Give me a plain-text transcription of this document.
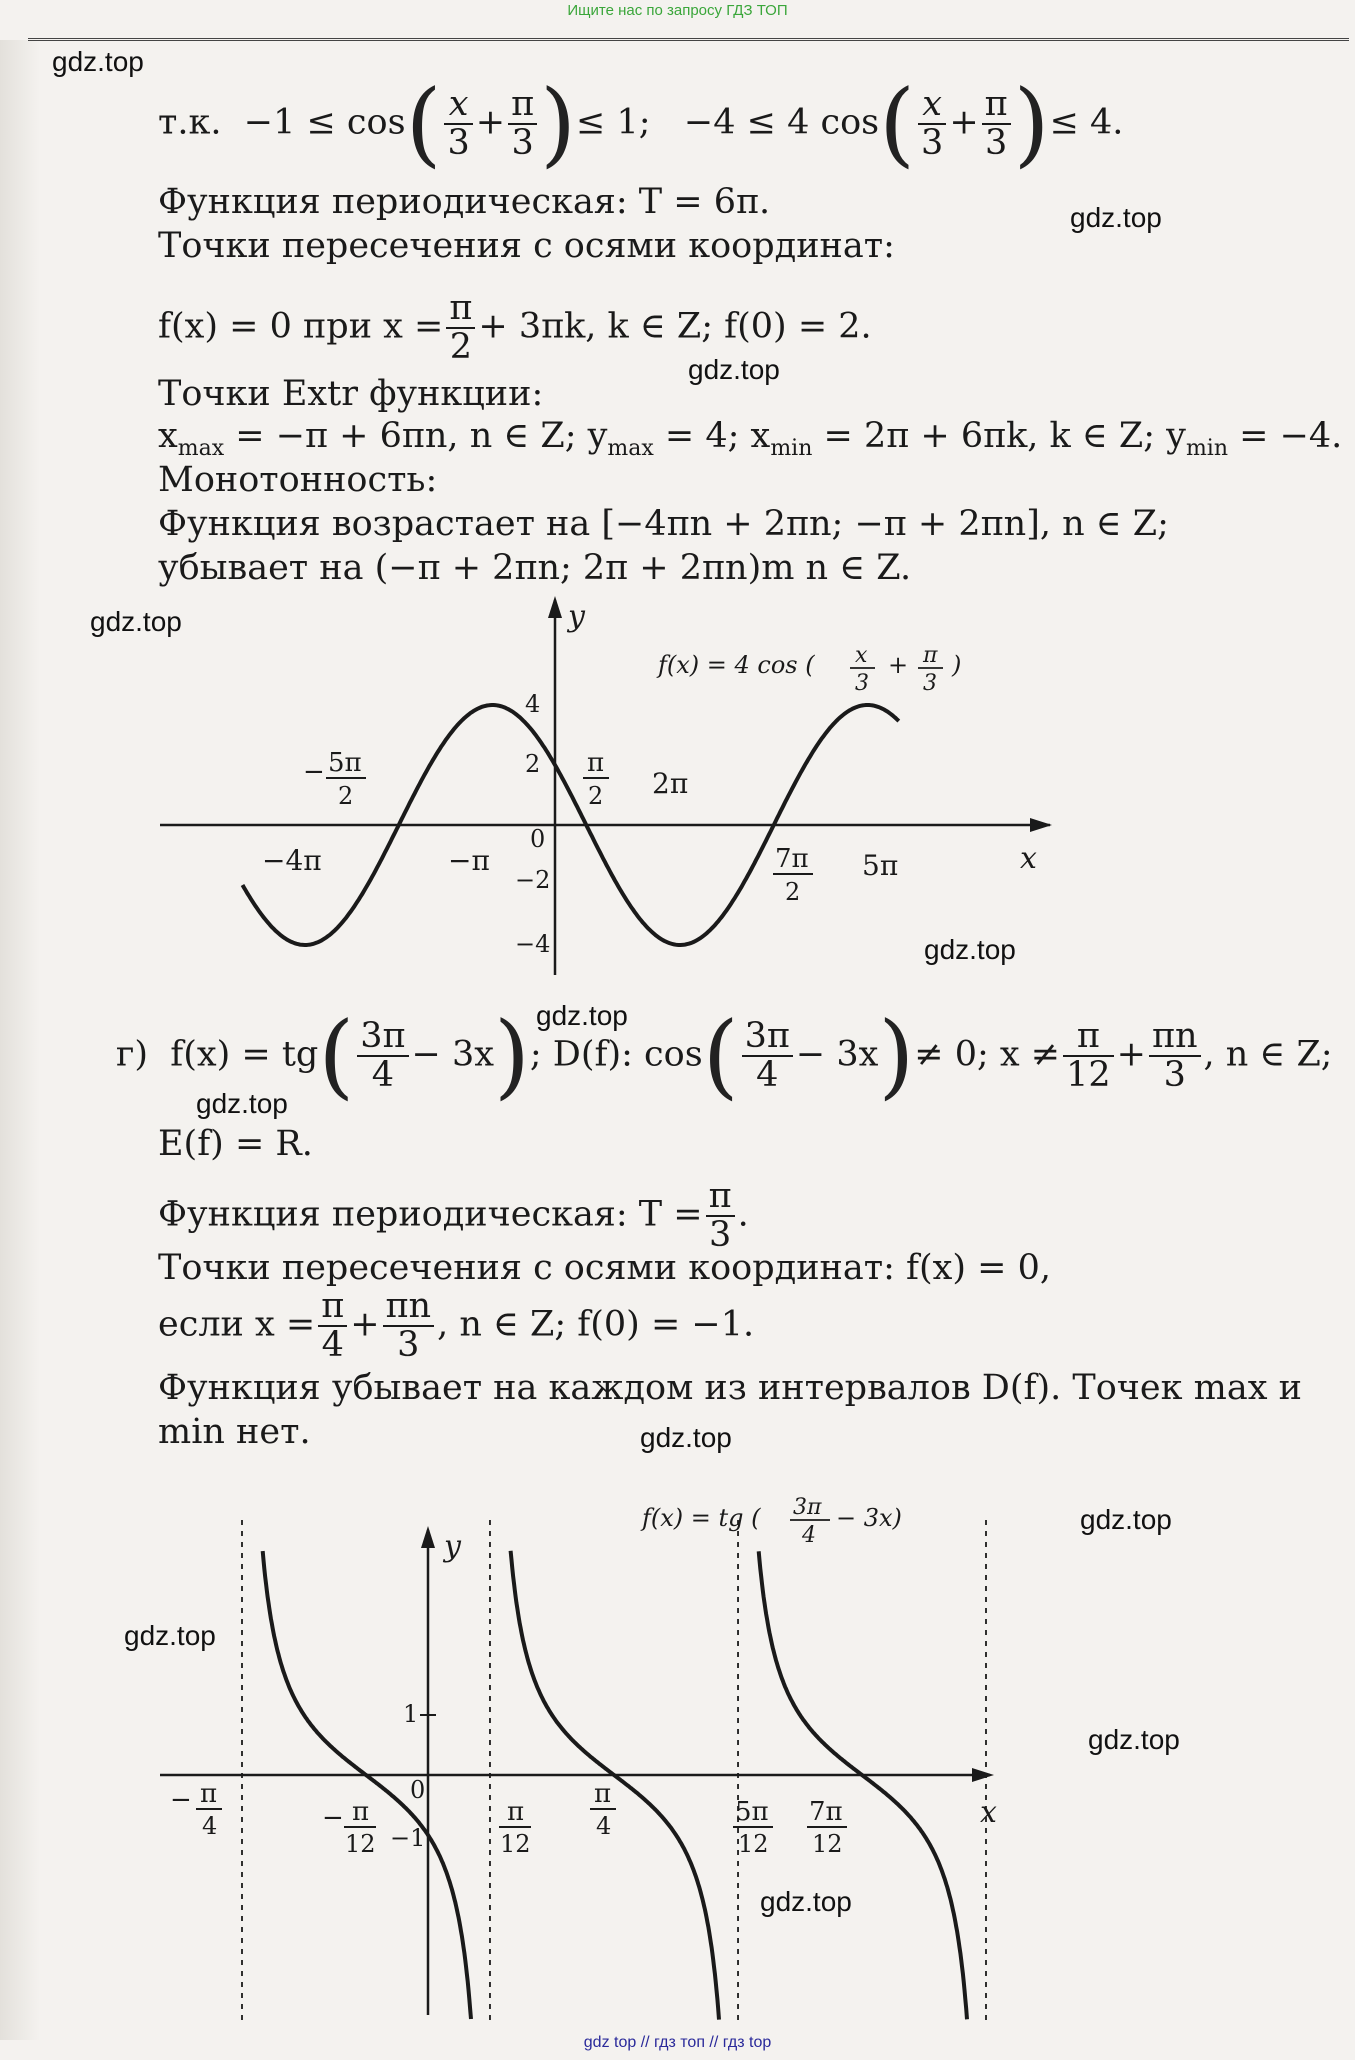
Ищите нас по запросу ГДЗ ТОП
gdz.top
gdz.top
gdz.top
gdz.top
gdz.top
gdz.top
gdz.top
gdz.top
gdz.top
gdz.top
gdz.top
gdz.top
т.к. $-1 \le \cos( \frac{x}{3} + \frac{\pi}{3}$ )≤ 1; −4 ≤ 4 $\cos( \frac{x}{3} + \frac{\pi}{3}$ )≤ 4.
Функция периодическая: T = 6π.
Точки пересечения с осями координат:
f(x) = 0 при $x = \frac{\pi}{2} + 3\pi k$, k ∈ Z; f(0) = 2.
Точки Extr функции:
$x_{max} = -\pi + 6\pi n$, n ∈ Z; $y_{max} = 4$; $x_{min} = 2\pi + 6\pi k$, k ∈ Z; $y_{min} = -4$.
Монотонность:
Функция возрастает на [−4πn + 2πn; −π + 2πn], n ∈ Z;
убывает на (−π + 2πn; 2π + 2πn)m n ∈ Z.
y
x
4
2
0
−2
−4
−4π	−π	5π
2π
− 5π
2
π
2
7π
2
f(x) = 4 cos ( x
3
+ π
3
)
г) $f(x) = tg( \frac{3\pi}{4} - 3x)$; D(f): $\cos( \frac{3\pi}{4} - 3x)\ne 0$; $x \ne \frac{\pi}{12} + \frac{\pi n}{3}$ , n ∈ Z;
E(f) = R.
Функция периодическая: $T = \frac{\pi}{3}$ .
Точки пересечения с осями координат: f(x) = 0,
если $x = \frac{\pi}{4} + \frac{\pi n}{3}$ , n ∈ Z; f(0) = −1.
Функция убывает на каждом из интервалов D(f). Точек max и
min нет.
y
x
1
0
−1
− π
4	− π
12
π
12
π
4	5π
12
7π
12
f(x) = tg ( 3π
4
− 3x)
gdz top // гдз топ // гдз top
